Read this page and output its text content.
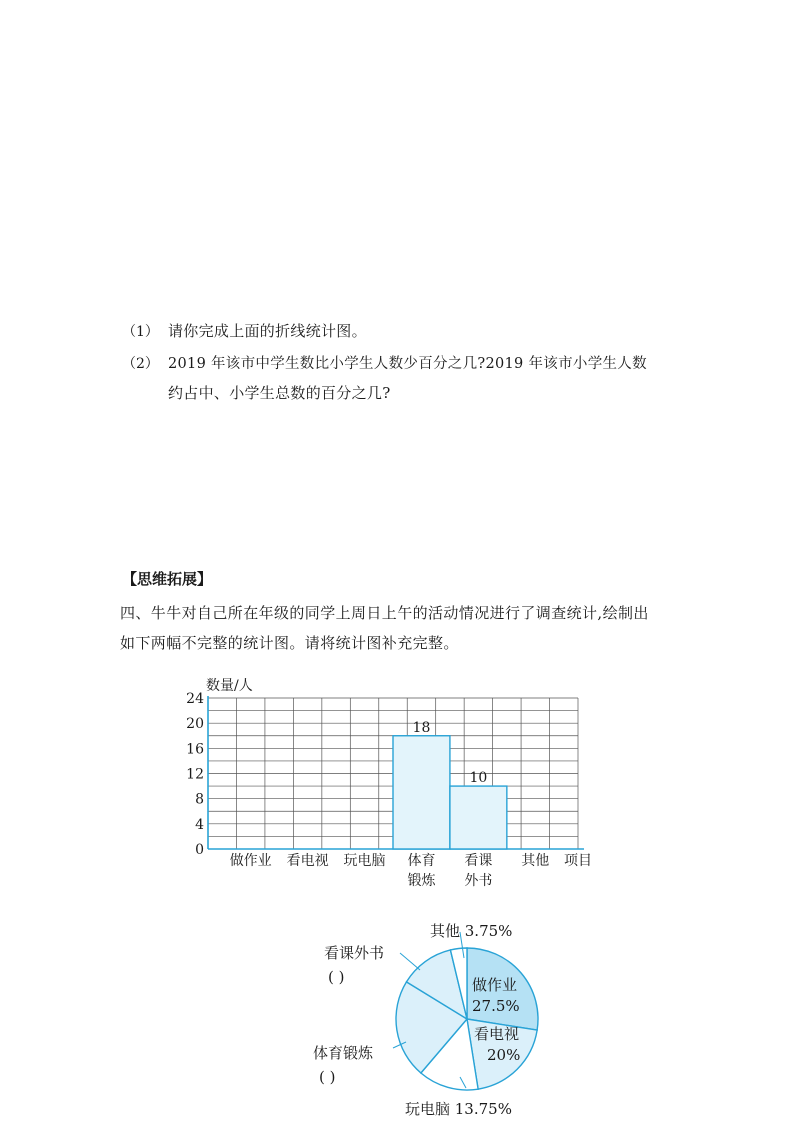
（1） 请你完成上面的折线统计图。
（2） 2019 年该市中学生数比小学生人数少百分之几?2019 年该市小学生人数
约占中、小学生总数的百分之几?
【思维拓展】
四、牛牛对自己所在年级的同学上周日上午的活动情况进行了调查统计,绘制出
如下两幅不完整的统计图。请将统计图补充完整。
18
10
0
4
8
12
16
20
24
做作业 看电视 玩电脑 体育
锻炼
看课
外书
其他
数量/人
项目
其他 3.75%
玩电脑 13.75%
看课外书
( )
体育锻炼
( )
做作业
27.5%
看电视
20%
